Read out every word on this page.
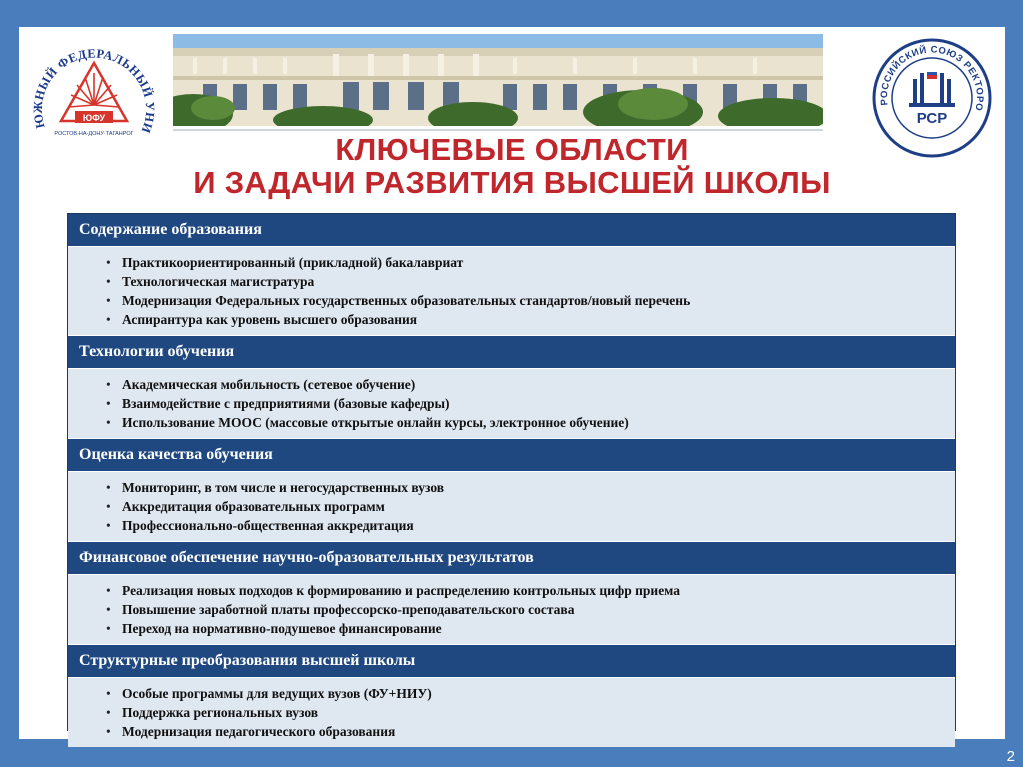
ЮЖНЫЙ ФЕДЕРАЛЬНЫЙ УНИ
ЮФУ
РОСТОВ-НА-ДОНУ·ТАГАНРОГ
РОССИЙСКИЙ СОЮЗ РЕКТОРО
РСР
КЛЮЧЕВЫЕ ОБЛАСТИ
И ЗАДАЧИ РАЗВИТИЯ ВЫСШЕЙ ШКОЛЫ
Содержание образования
• Практикоориентированный (прикладной) бакалавриат
• Технологическая магистратура
• Модернизация Федеральных государственных образовательных стандартов/новый перечень
• Аспирантура как уровень высшего образования
Технологии обучения
• Академическая мобильность (сетевое обучение)
• Взаимодействие с предприятиями (базовые кафедры)
• Использование МООС (массовые открытые онлайн курсы, электронное обучение)
Оценка качества обучения
• Мониторинг, в том числе и негосударственных вузов
• Аккредитация образовательных программ
• Профессионально-общественная аккредитация
Финансовое обеспечение научно-образовательных результатов
• Реализация новых подходов к формированию и распределению контрольных цифр приема
• Повышение заработной платы профессорско-преподавательского состава
• Переход на нормативно-подушевое финансирование
Структурные преобразования высшей школы
• Особые программы для ведущих вузов (ФУ+НИУ)
• Поддержка региональных вузов
• Модернизация педагогического образования
2
